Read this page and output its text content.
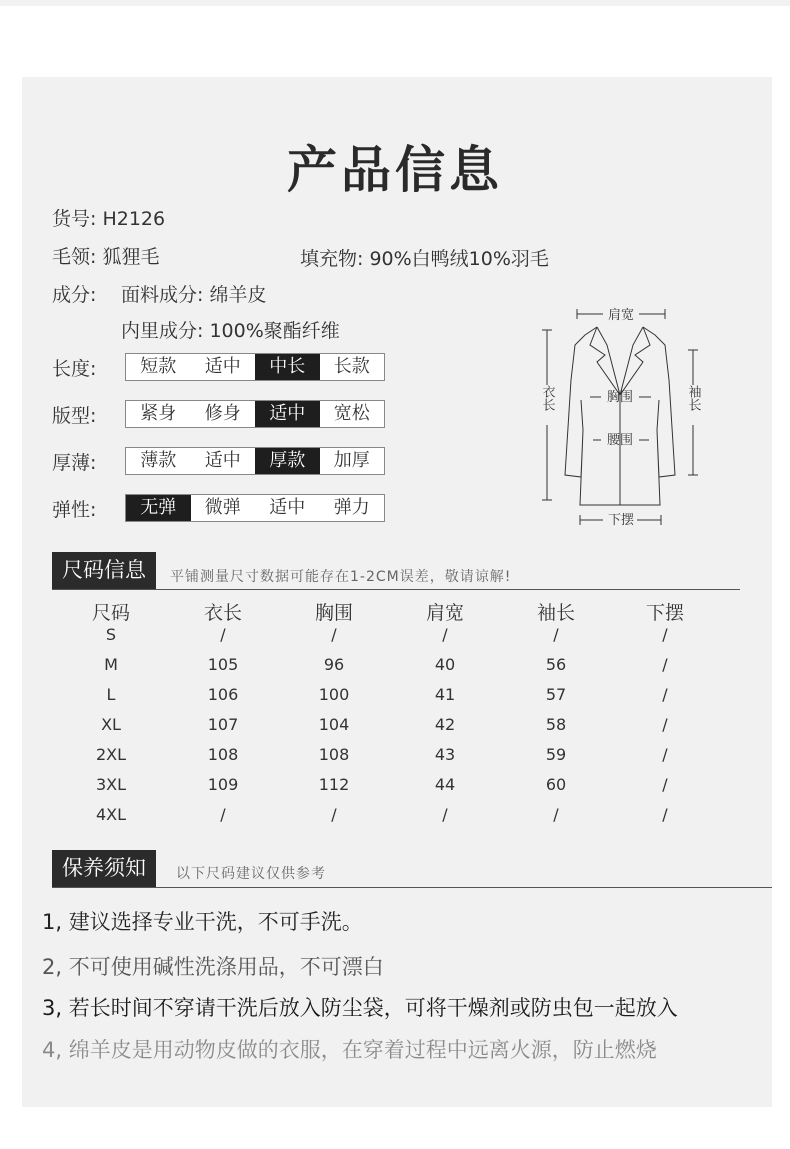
产品信息
货号: H2126
毛领: 狐狸毛	填充物: 90%白鸭绒10%羽毛
成分: 面料成分: 绵羊皮
内里成分: 100%聚酯纤维
长度:	短款	适中	中长	长款
版型:	紧身	修身	适中	宽松
厚薄:	薄款	适中	厚款	加厚
弹性:	无弹	微弹	适中	弹力
肩宽
胸围
腰围
下摆
衣长	袖长
尺码信息	平铺测量尺寸数据可能存在1-2CM误差，敬请谅解!
尺码	衣长	胸围	肩宽	袖长	下摆
S	/	/	/	/	/
M	105	96	40	56	/
L	106	100	41	57	/
XL	107	104	42	58	/
2XL	108	108	43	59	/
3XL	109	112	44	60	/
4XL	/	/	/	/	/
保养须知	以下尺码建议仅供参考
1, 建议选择专业干洗，不可手洗。
2, 不可使用碱性洗涤用品，不可漂白
3, 若长时间不穿请干洗后放入防尘袋，可将干燥剂或防虫包一起放入
4, 绵羊皮是用动物皮做的衣服，在穿着过程中远离火源，防止燃烧
